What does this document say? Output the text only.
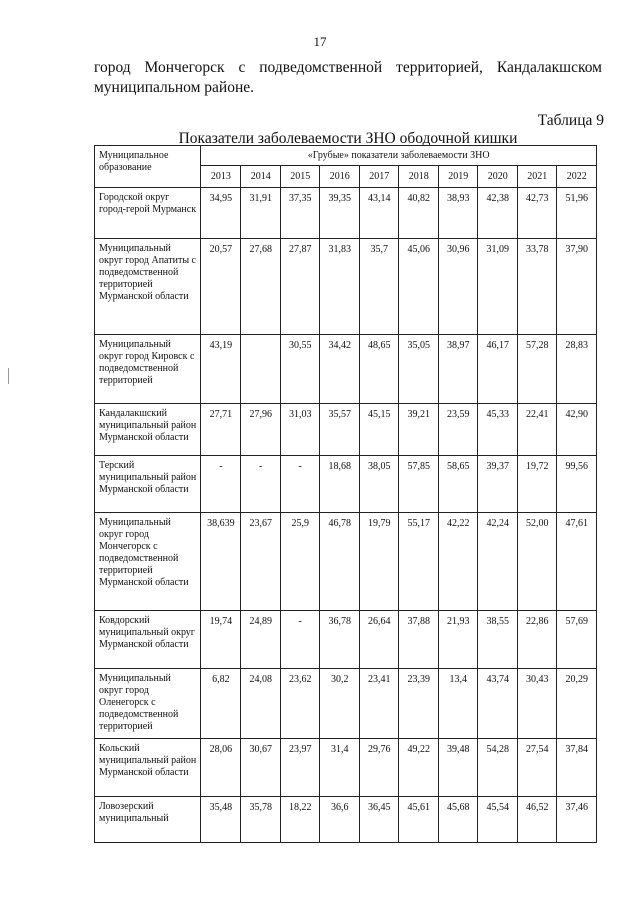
17
город Мончегорск с подведомственной территорией, Кандалакшском муниципальном районе.
Таблица 9
Показатели заболеваемости ЗНО ободочной кишки
Муниципальное образование	«Грубые» показатели заболеваемости ЗНО									
	2013	2014	2015	2016	2017	2018	2019	2020	2021	2022
Городской округ город-герой Мурманск	34,95	31,91	37,35	39,35	43,14	40,82	38,93	42,38	42,73	51,96
Муниципальный округ город Апатиты с подведомственной территорией Мурманской области	20,57	27,68	27,87	31,83	35,7	45,06	30,96	31,09	33,78	37,90
Муниципальный округ город Кировск с подведомственной территорией	43,19		30,55	34,42	48,65	35,05	38,97	46,17	57,28	28,83
Кандалакшский муниципальный район Мурманской области	27,71	27,96	31,03	35,57	45,15	39,21	23,59	45,33	22,41	42,90
Терский муниципальный район Мурманской области	-	-	-	18,68	38,05	57,85	58,65	39,37	19,72	99,56
Муниципальный округ город Мончегорск с подведомственной территорией Мурманской области	38,639	23,67	25,9	46,78	19,79	55,17	42,22	42,24	52,00	47,61
Ковдорский муниципальный округ Мурманской области	19,74	24,89	-	36,78	26,64	37,88	21,93	38,55	22,86	57,69
Муниципальный округ город Оленегорск с подведомственной территорией	6,82	24,08	23,62	30,2	23,41	23,39	13,4	43,74	30,43	20,29
Кольский муниципальный район Мурманской области	28,06	30,67	23,97	31,4	29,76	49,22	39,48	54,28	27,54	37,84
Ловозерский муниципальный	35,48	35,78	18,22	36,6	36,45	45,61	45,68	45,54	46,52	37,46
